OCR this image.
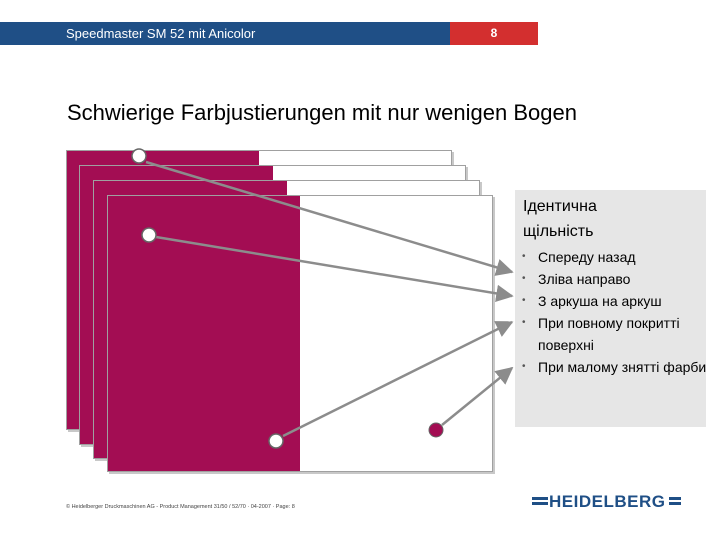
Speedmaster SM 52 mit Anicolor	8
Schwierige Farbjustierungen mit nur wenigen Bogen
Ідентична щільність
• Спереду назад
• Зліва направо
• З аркуша на аркуш
• При повному покритті поверхні
• При малому знятті фарби
© Heidelberger Druckmaschinen AG - Product Management 31/50 / 52/70 · 04-2007 · Page: 8	HEIDELBERG
